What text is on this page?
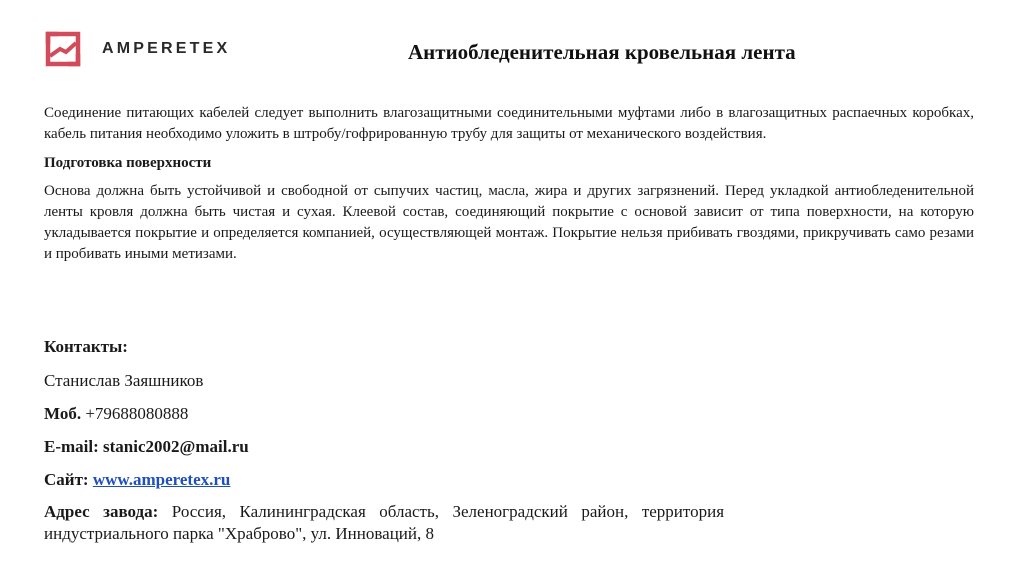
AMPERETEX	Антиобледенительная кровельная лента

Соединение питающих кабелей следует выполнить влагозащитными соединительными муфтами либо в влагозащитных распаечных коробках, кабель питания необходимо уложить в штробу/гофрированную трубу для защиты от механического воздействия.

Подготовка поверхности

Основа должна быть устойчивой и свободной от сыпучих частиц, масла, жира и других загрязнений. Перед укладкой антиобледенительной ленты кровля должна быть чистая и сухая. Клеевой состав, соединяющий покрытие с основой зависит от типа поверхности, на которую укладывается покрытие и определяется компанией, осуществляющей монтаж. Покрытие нельзя прибивать гвоздями, прикручивать само резами и пробивать иными метизами.

Контакты:
Станислав Заяшников
Моб. +79688080888
E-mail: stanic2002@mail.ru
Сайт: www.amperetex.ru
Адрес завода: Россия, Калининградская область, Зеленоградский район, территория индустриального парка "Храброво", ул. Инноваций, 8
